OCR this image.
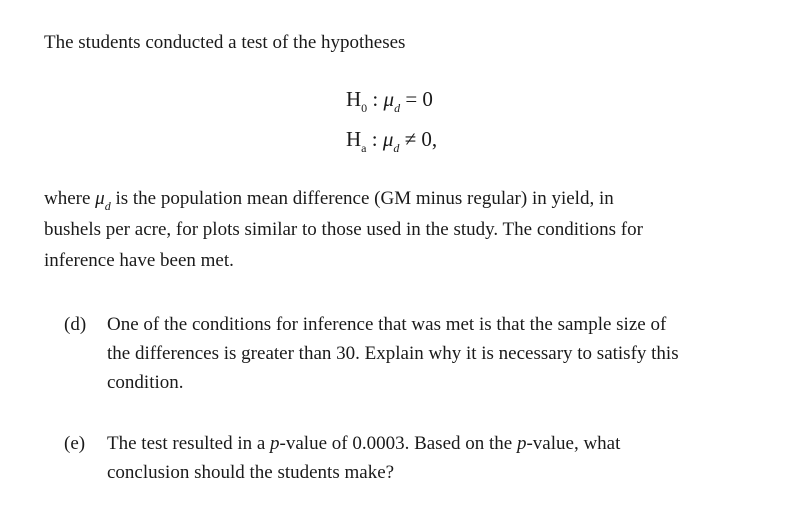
The students conducted a test of the hypotheses
$H_0$ : $\mu_d = 0$
$H_a$ : $\mu_d \ne 0$,
where $\mu_d$ is the population mean difference (GM minus regular) in yield, in
bushels per acre, for plots similar to those used in the study. The conditions for
inference have been met.
(d) One of the conditions for inference that was met is that the sample size of
the differences is greater than 30. Explain why it is necessary to satisfy this
condition.
(e) The test resulted in a p-value of 0.0003. Based on the p-value, what
conclusion should the students make?
